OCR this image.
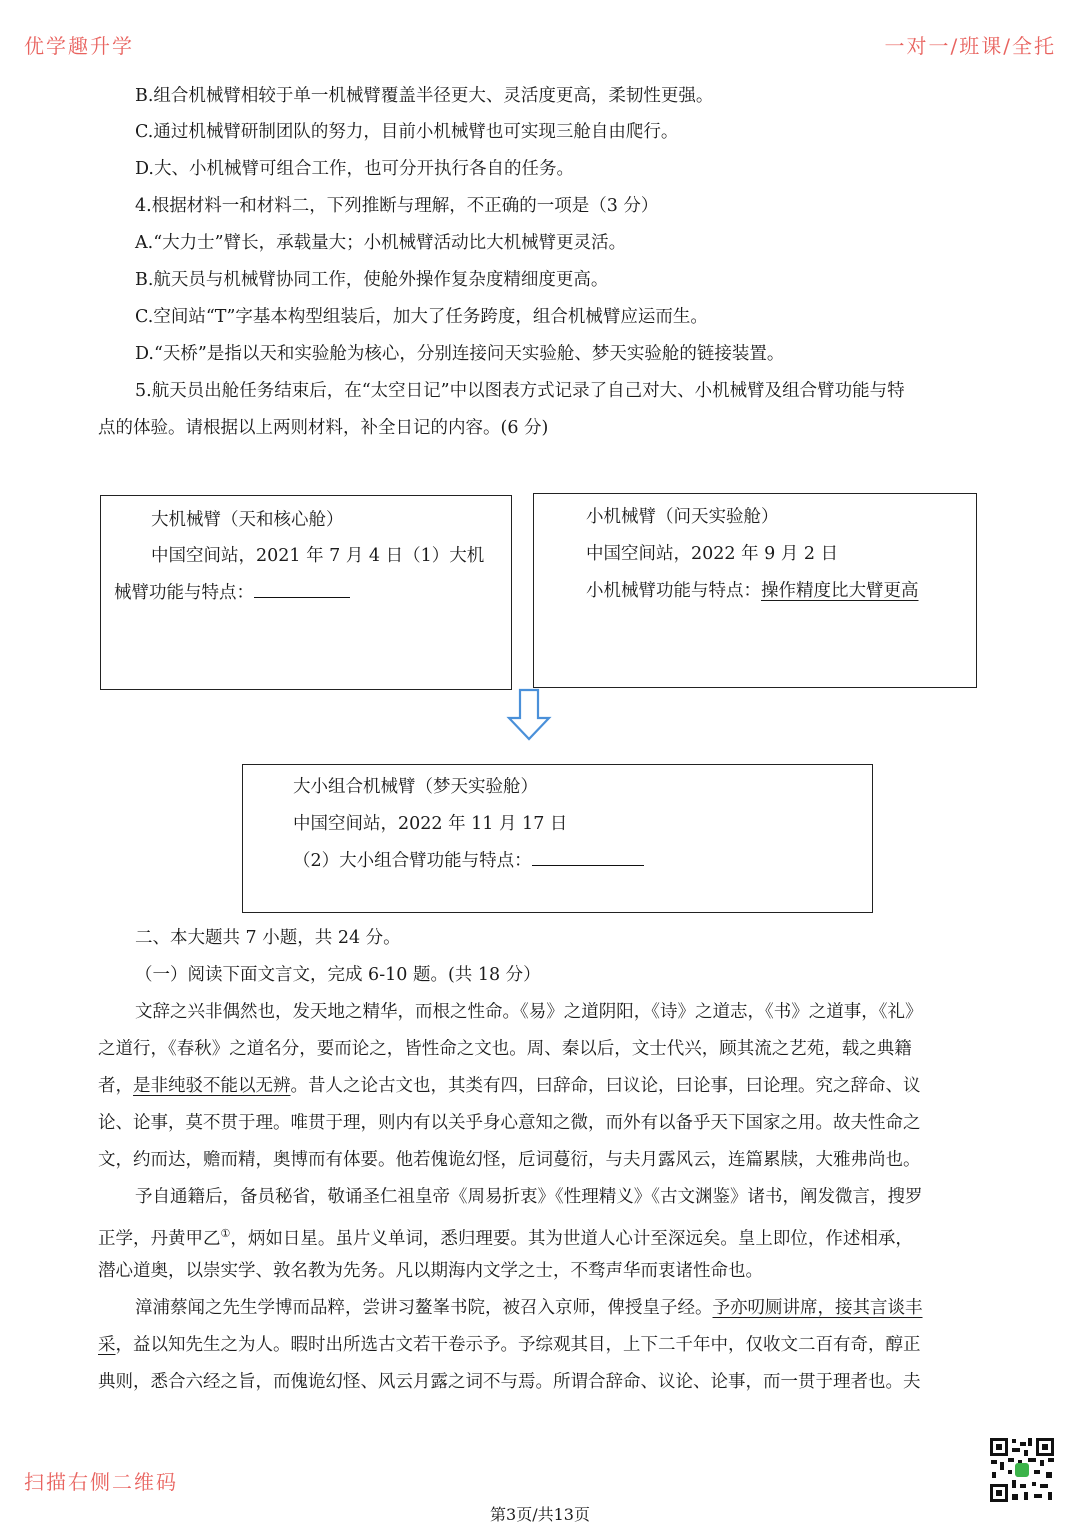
优学趣升学	一对一/班课/全托
B.组合机械臂相较于单一机械臂覆盖半径更大、灵活度更高，柔韧性更强。
C.通过机械臂研制团队的努力，目前小机械臂也可实现三舱自由爬行。
D.大、小机械臂可组合工作，也可分开执行各自的任务。
4.根据材料一和材料二，下列推断与理解，不正确的一项是（3 分）
A.“大力士”臂长，承载量大；小机械臂活动比大机械臂更灵活。
B.航天员与机械臂协同工作，使舱外操作复杂度精细度更高。
C.空间站“T”字基本构型组装后，加大了任务跨度，组合机械臂应运而生。
D.“天桥”是指以天和实验舱为核心，分别连接问天实验舱、梦天实验舱的链接装置。
5.航天员出舱任务结束后，在“太空日记”中以图表方式记录了自己对大、小机械臂及组合臂功能与特
点的体验。请根据以上两则材料，补全日记的内容。(6 分)
大机械臂（天和核心舱）
中国空间站，2021 年 7 月 4 日（1）大机
械臂功能与特点：
小机械臂（问天实验舱）
中国空间站，2022 年 9 月 2 日
小机械臂功能与特点：操作精度比大臂更高
大小组合机械臂（梦天实验舱）
中国空间站，2022 年 11 月 17 日
（2）大小组合臂功能与特点：
二、本大题共 7 小题，共 24 分。
（一）阅读下面文言文，完成 6-10 题。(共 18 分）
文辞之兴非偶然也，发天地之精华，而根之性命。《易》之道阴阳，《诗》之道志，《书》之道事，《礼》
之道行，《春秋》之道名分，要而论之，皆性命之文也。周、秦以后，文士代兴，顾其流之艺苑，载之典籍
者，是非纯驳不能以无辨。昔人之论古文也，其类有四，曰辞命，曰议论，曰论事，曰论理。究之辞命、议
论、论事，莫不贯于理。唯贯于理，则内有以关乎身心意知之微，而外有以备乎天下国家之用。故夫性命之
文，约而达，赡而精，奥博而有体要。他若傀诡幻怪，卮词蔓衍，与夫月露风云，连篇累牍，大雅弗尚也。
予自通籍后，备员秘省，敬诵圣仁祖皇帝《周易折衷》《性理精义》《古文渊鉴》诸书，阐发微言，搜罗
正学，丹黄甲乙①，炳如日星。虽片义单词，悉归理要。其为世道人心计至深远矣。皇上即位，作述相承，
潜心道奥，以崇实学、敦名教为先务。凡以期海内文学之士，不骛声华而衷诸性命也。
漳浦蔡闻之先生学博而品粹，尝讲习鳌峯书院，被召入京师，俾授皇子经。予亦叨厕讲席，接其言谈丰
采，益以知先生之为人。暇时出所选古文若干卷示予。予综观其目，上下二千年中，仅收文二百有奇，醇正
典则，悉合六经之旨，而傀诡幻怪、风云月露之词不与焉。所谓合辞命、议论、论事，而一贯于理者也。夫
扫描右侧二维码
第3页/共13页
